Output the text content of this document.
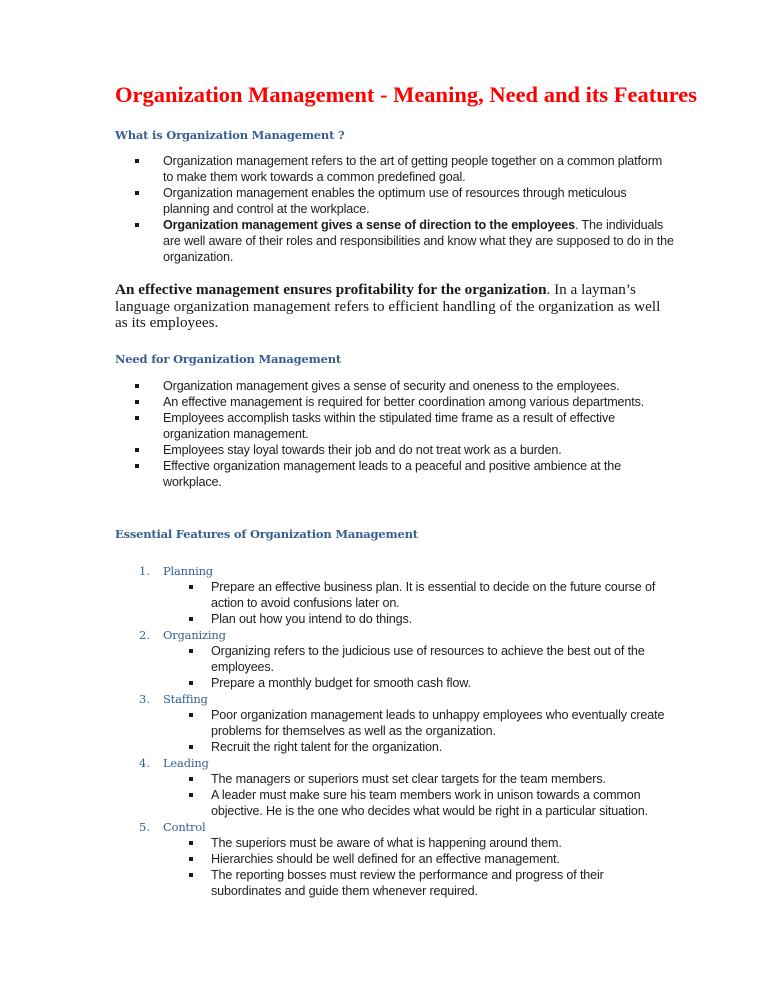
Organization Management - Meaning, Need and its Features
What is Organization Management ?
Organization management refers to the art of getting people together on a common platform to make them work towards a common predefined goal.
Organization management enables the optimum use of resources through meticulous planning and control at the workplace.
Organization management gives a sense of direction to the employees. The individuals are well aware of their roles and responsibilities and know what they are supposed to do in the organization.

An effective management ensures profitability for the organization. In a layman’s language organization management refers to efficient handling of the organization as well as its employees.

Need for Organization Management
Organization management gives a sense of security and oneness to the employees.
An effective management is required for better coordination among various departments.
Employees accomplish tasks within the stipulated time frame as a result of effective organization management.
Employees stay loyal towards their job and do not treat work as a burden.
Effective organization management leads to a peaceful and positive ambience at the workplace.
Essential Features of Organization Management
1.	Planning
Prepare an effective business plan. It is essential to decide on the future course of action to avoid confusions later on.
Plan out how you intend to do things.
2.	Organizing
Organizing refers to the judicious use of resources to achieve the best out of the employees.
Prepare a monthly budget for smooth cash flow.
3.	Staffing
Poor organization management leads to unhappy employees who eventually create problems for themselves as well as the organization.
Recruit the right talent for the organization.
4.	Leading
The managers or superiors must set clear targets for the team members.
A leader must make sure his team members work in unison towards a common objective. He is the one who decides what would be right in a particular situation.
5.	Control
The superiors must be aware of what is happening around them.
Hierarchies should be well defined for an effective management.
The reporting bosses must review the performance and progress of their subordinates and guide them whenever required.
